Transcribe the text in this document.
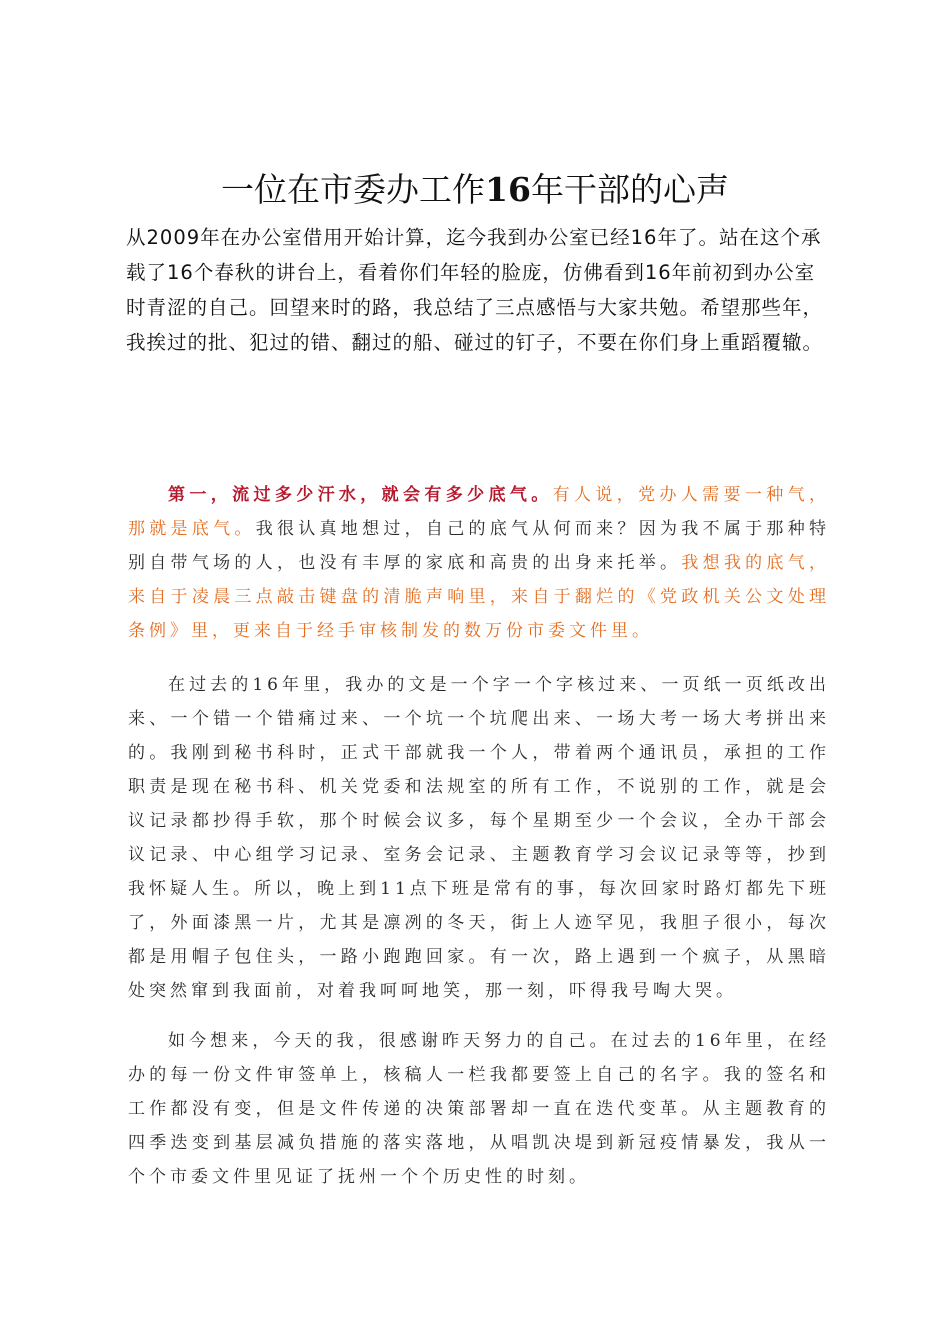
一位在市委办工作16年干部的心声

从2009年在办公室借用开始计算，迄今我到办公室已经16年了。站在这个承载了16个春秋的讲台上，看着你们年轻的脸庞，仿佛看到16年前初到办公室时青涩的自己。回望来时的路，我总结了三点感悟与大家共勉。希望那些年，我挨过的批、犯过的错、翻过的船、碰过的钉子，不要在你们身上重蹈覆辙。

第一，流过多少汗水，就会有多少底气。有人说，党办人需要一种气，那就是底气。我很认真地想过，自己的底气从何而来？因为我不属于那种特别自带气场的人，也没有丰厚的家底和高贵的出身来托举。我想我的底气，来自于凌晨三点敲击键盘的清脆声响里，来自于翻烂的《党政机关公文处理条例》里，更来自于经手审核制发的数万份市委文件里。

在过去的16年里，我办的文是一个字一个字核过来、一页纸一页纸改出来、一个错一个错痛过来、一个坑一个坑爬出来、一场大考一场大考拼出来的。我刚到秘书科时，正式干部就我一个人，带着两个通讯员，承担的工作职责是现在秘书科、机关党委和法规室的所有工作，不说别的工作，就是会议记录都抄得手软，那个时候会议多，每个星期至少一个会议，全办干部会议记录、中心组学习记录、室务会记录、主题教育学习会议记录等等，抄到我怀疑人生。所以，晚上到11点下班是常有的事，每次回家时路灯都先下班了，外面漆黑一片，尤其是凛冽的冬天，街上人迹罕见，我胆子很小，每次都是用帽子包住头，一路小跑跑回家。有一次，路上遇到一个疯子，从黑暗处突然窜到我面前，对着我呵呵地笑，那一刻，吓得我号啕大哭。

如今想来，今天的我，很感谢昨天努力的自己。在过去的16年里，在经办的每一份文件审签单上，核稿人一栏我都要签上自己的名字。我的签名和工作都没有变，但是文件传递的决策部署却一直在迭代变革。从主题教育的四季迭变到基层减负措施的落实落地，从唱凯决堤到新冠疫情暴发，我从一个个市委文件里见证了抚州一个个历史性的时刻。
